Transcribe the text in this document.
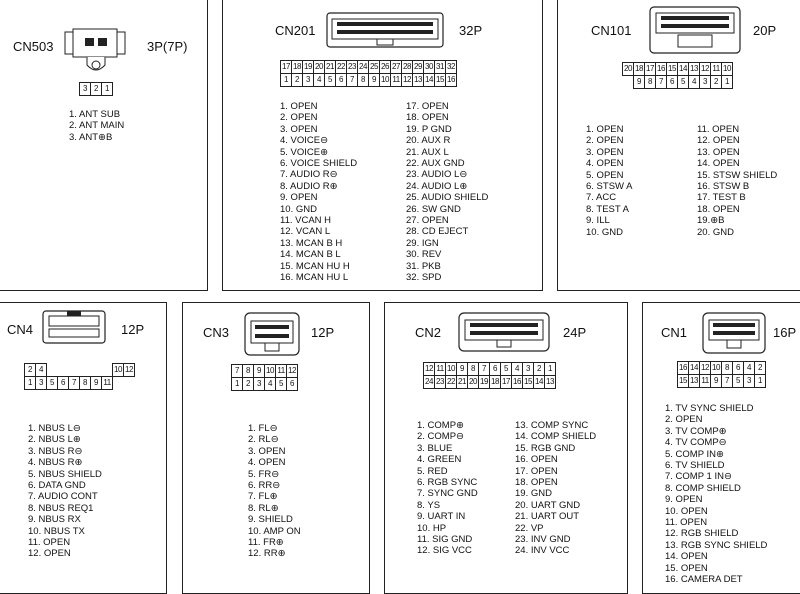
CN503	3P(7P)
3 2 1
1. ANT SUB
2. ANT MAIN
3. ANT⊕B
CN201	32P
17 18 19 20 21 22 23 24 25 26 27 28 29 30 31 32
1 2 3 4 5 6 7 8 9 10 11 12 13 14 15 16
1. OPEN
2. OPEN
3. OPEN
4. VOICE⊖
5. VOICE⊕
6. VOICE SHIELD
7. AUDIO R⊖
8. AUDIO R⊕
9. OPEN
10. GND
11. VCAN H
12. VCAN L
13. MCAN B H
14. MCAN B L
15. MCAN HU H
16. MCAN HU L
17. OPEN
18. OPEN
19. P GND
20. AUX R
21. AUX L
22. AUX GND
23. AUDIO L⊖
24. AUDIO L⊕
25. AUDIO SHIELD
26. SW GND
27. OPEN
28. CD EJECT
29. IGN
30. REV
31. PKB
32. SPD
CN101	20P
20 18 17 16 15 14 13 12 11 10
9 8 7 6 5 4 3 2 1
1. OPEN
2. OPEN
3. OPEN
4. OPEN
5. OPEN
6. STSW A
7. ACC
8. TEST A
9. ILL
10. GND
11. OPEN
12. OPEN
13. OPEN
14. OPEN
15. STSW SHIELD
16. STSW B
17. TEST B
18. OPEN
19.⊕B
20. GND
CN4	12P
2 4	10 12
1 3 5 6 7 8 9 11
1. NBUS L⊖
2. NBUS L⊕
3. NBUS R⊖
4. NBUS R⊕
5. NBUS SHIELD
6. DATA GND
7. AUDIO CONT
8. NBUS REQ1
9. NBUS RX
10. NBUS TX
11. OPEN
12. OPEN
CN3	12P
7 8 9 10 11 12
1 2 3 4 5 6
1. FL⊖
2. RL⊖
3. OPEN
4. OPEN
5. FR⊖
6. RR⊖
7. FL⊕
8. RL⊕
9. SHIELD
10. AMP ON
11. FR⊕
12. RR⊕
CN2	24P
12 11 10 9 8 7 6 5 4 3 2 1
24 23 22 21 20 19 18 17 16 15 14 13
1. COMP⊕
2. COMP⊖
3. BLUE
4. GREEN
5. RED
6. RGB SYNC
7. SYNC GND
8. YS
9. UART IN
10. HP
11. SIG GND
12. SIG VCC
13. COMP SYNC
14. COMP SHIELD
15. RGB GND
16. OPEN
17. OPEN
18. OPEN
19. GND
20. UART GND
21. UART OUT
22. VP
23. INV GND
24. INV VCC
CN1	16P
16 14 12 10 8 6 4 2
15 13 11 9 7 5 3 1
1. TV SYNC SHIELD
2. OPEN
3. TV COMP⊕
4. TV COMP⊖
5. COMP IN⊕
6. TV SHIELD
7. COMP 1 IN⊖
8. COMP SHIELD
9. OPEN
10. OPEN
11. OPEN
12. RGB SHIELD
13. RGB SYNC SHIELD
14. OPEN
15. OPEN
16. CAMERA DET
